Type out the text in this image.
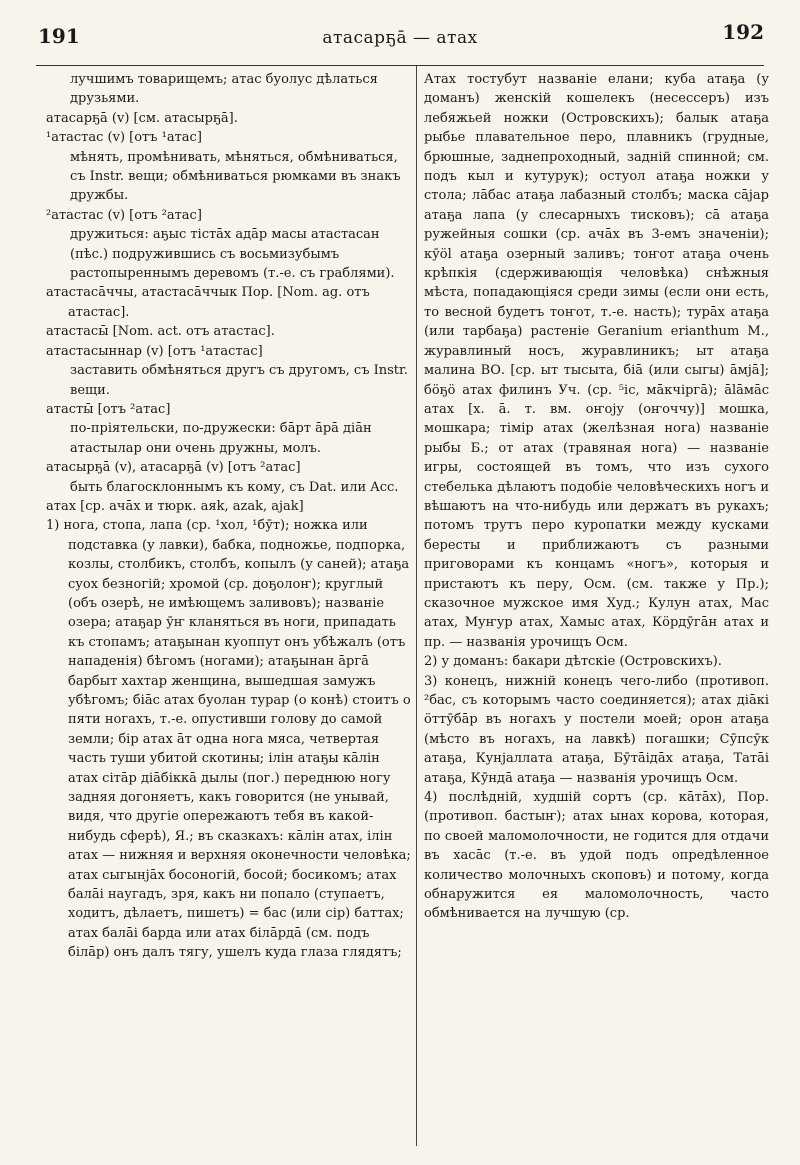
191	атасарҕā — атах	192

лучшимъ товарищемъ; атас буолус дѣлаться друзьями.

атасарҕā (v) [см. атасырҕā].

¹атастас (v) [отъ ¹атас]

мѣнять, промѣнивать, мѣняться, обмѣниваться, съ Instr. вещи; обмѣниваться рюмками въ знакъ дружбы.

²атастас (v) [отъ ²атас]

дружиться: аҕыс тiстāх адāр масы атастасан (пѣс.) подружившись съ восьмизубымъ растопыреннымъ деревомъ (т.-е. съ граблями).

атастасāччы, атастасāччык Пор. [Nom. ag. отъ атастас].

атастасы̄ [Nom. act. отъ атастас].

атастасыннар (v) [отъ ¹атастас]

заставить обмѣняться другъ съ другомъ, съ Instr. вещи.

атасты̄ [отъ ²атас]

по-прiятельски, по-дружески: бāрт āрā дiāн атастылар они очень дружны, молъ.

атасырҕā (v), атасарҕā (v) [отъ ²атас]

быть благосклоннымъ къ кому, съ Dat. или Acc.

атах [ср. ачāх и тюрк. aяk, azak, ajak]

1) нога, стопа, лапа (ср. ¹хол, ¹бӯт); ножка или подставка (у лавки), бабка, подножье, подпорка, козлы, столбикъ, столбъ, копылъ (у саней); атаҕа суох безногiй; хромой (ср. доҕолоҥ); круглый (объ озерѣ, не имѣющемъ заливовъ); названiе озера; атаҕар ӯҥ кланяться въ ноги, припадать къ стопамъ; атаҕынан куоппут онъ убѣжалъ (отъ нападенiя) бѣгомъ (ногами); атаҕынан āргā барбыт хахтар женщина, вышедшая замужъ убѣгомъ; бiāс атах буолан турар (о конѣ) стоитъ о пяти ногахъ, т.-е. опустивши голову до самой земли; бiр атах āт одна нога мяса, четвертая часть туши убитой скотины; iлiн атаҕы кāлiн атах сiтāр дiāбiккā дылы (пог.) переднюю ногу задняя догоняетъ, какъ говорится (не унывай, видя, что другiе опережаютъ тебя въ какой-нибудь сферѣ), Я.; въ сказкахъ: кāлiн атах, iлiн атах — нижняя и верхняя оконечности человѣка; атах сыгынjāх босоногiй, босой; босикомъ; атах балāi наугадъ, зря, какъ ни попало (ступаетъ, ходитъ, дѣлаетъ, пишетъ) = бас (или сiр) баттах; атах балāi барда или атах бiлāрдā (см. подъ бiлāр) онъ далъ тягу, ушелъ куда глаза глядятъ;

Атах тостубут названiе елани; куба атаҕа (у доманъ) женскiй кошелекъ (несессеръ) изъ лебяжьей ножки (Островскихъ); балык атаҕа рыбье плавательное перо, плавникъ (грудные, брюшные, заднепроходный, заднiй спинной; см. подъ кыл и кутурук); остуол атаҕа ножки у стола; лāбас атаҕа лабазный столбъ; маска сāјар атаҕа лапа (у слесарныхъ тисковъ); сā атаҕа ружейныя сошки (ср. ачāх въ 3-емъ значенiи); кӯöl атаҕа озерный заливъ; тоҥот атаҕа очень крѣпкiя (сдерживающiя человѣка) снѣжныя мѣста, попадающiяся среди зимы (если они есть, то весной будетъ тоҥот, т.-е. насть); турāх атаҕа (или тарбаҕа) растенiе Geranium erianthum М., журавлиный носъ, журавлиникъ; ыт атаҕа малина ВО. [ср. ыт тысыта, бiā (или сыгы) āмjā]; бöҕö атах филинъ Уч. (ср. ⁵iс, мāкчiргā); ālāмāс атах [х. ā. т. вм. оҥоју (оҥоччу)] мошка, мошкара; тiмiр атах (желѣзная нога) названiе рыбы Б.; от атах (травяная нога) — названiе игры, состоящей въ томъ, что изъ сухого стебелька дѣлаютъ подобiе человѣческихъ ногъ и вѣшаютъ на что-нибудь или держатъ въ рукахъ; потомъ трутъ перо куропатки между кусками бересты и приближаютъ съ разными приговорами къ концамъ «ногъ», которыя и пристаютъ къ перу, Осм. (см. также у Пр.); сказочное мужское имя Худ.; Кулун атах, Мас атах, Муҥур атах, Хамыс атах, Кöрдӯгāн атах и пр. — названiя урочищъ Осм.

2) у доманъ: бакари дѣтскiе (Островскихъ).

3) конецъ, нижнiй конецъ чего-либо (противоп. ²бас, съ которымъ часто соединяется); атах дiāкi öттӯбāр въ ногахъ у постели моей; орон атаҕа (мѣсто въ ногахъ, на лавкѣ) погашки; Сӯпсӯк атаҕа, Кунjаллата атаҕа, Бӯтāiдāх атаҕа, Татāi атаҕа, Кӯндā атаҕа — названiя урочищъ Осм.

4) послѣднiй, худшiй сортъ (ср. кāтāх), Пор. (противоп. бастыҥ); атах ынах корова, которая, по своей маломолочности, не годится для отдачи въ хасāс (т.-е. въ удой подъ опредѣленное количество молочныхъ скоповъ) и потому, когда обнаружится ея маломолочность, часто обмѣнивается на лучшую (ср.
